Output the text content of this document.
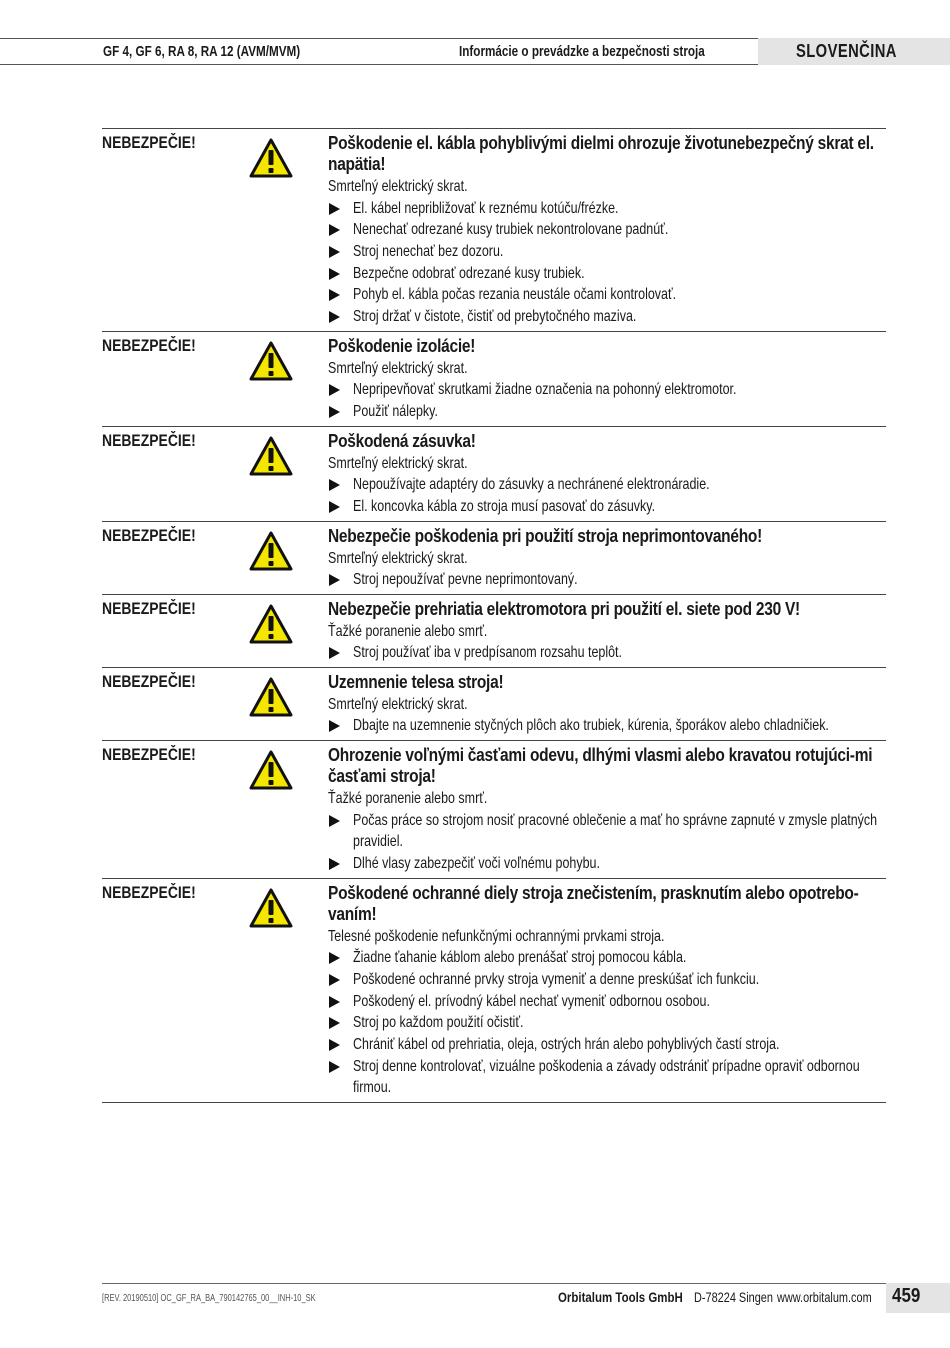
GF 4, GF 6, RA 8, RA 12 (AVM/MVM)	Informácie o prevádzke a bezpečnosti stroja	SLOVENČINA
NEBEZPEČIE!	Poškodenie el. kábla pohyblivými dielmi ohrozuje životunebezpečný skrat el. napätia!
Smrteľný elektrický skrat.
El. kábel nepribližovať k reznému kotúču/frézke.
Nenechať odrezané kusy trubiek nekontrolovane padnúť.
Stroj nenechať bez dozoru.
Bezpečne odobrať odrezané kusy trubiek.
Pohyb el. kábla počas rezania neustále očami kontrolovať.
Stroj držať v čistote, čistiť od prebytočného maziva.
NEBEZPEČIE!	Poškodenie izolácie!
Smrteľný elektrický skrat.
Nepripevňovať skrutkami žiadne označenia na pohonný elektromotor.
Použiť nálepky.
NEBEZPEČIE!	Poškodená zásuvka!
Smrteľný elektrický skrat.
Nepoužívajte adaptéry do zásuvky a nechránené elektronáradie.
El. koncovka kábla zo stroja musí pasovať do zásuvky.
NEBEZPEČIE!	Nebezpečie poškodenia pri použití stroja neprimontovaného!
Smrteľný elektrický skrat.
Stroj nepoužívať pevne neprimontovaný.
NEBEZPEČIE!	Nebezpečie prehriatia elektromotora pri použití el. siete pod 230 V!
Ťažké poranenie alebo smrť.
Stroj používať iba v predpísanom rozsahu teplôt.
NEBEZPEČIE!	Uzemnenie telesa stroja!
Smrteľný elektrický skrat.
Dbajte na uzemnenie styčných plôch ako trubiek, kúrenia, šporákov alebo chladničiek.
NEBEZPEČIE!	Ohrozenie voľnými časťami odevu, dlhými vlasmi alebo kravatou rotujúci-mi časťami stroja!
Ťažké poranenie alebo smrť.
Počas práce so strojom nosiť pracovné oblečenie a mať ho správne zapnuté v zmysle platných pravidiel.
Dlhé vlasy zabezpečiť voči voľnému pohybu.
NEBEZPEČIE!	Poškodené ochranné diely stroja znečistením, prasknutím alebo opotrebo-vaním!
Telesné poškodenie nefunkčnými ochrannými prvkami stroja.
Žiadne ťahanie káblom alebo prenášať stroj pomocou kábla.
Poškodené ochranné prvky stroja vymeniť a denne preskúšať ich funkciu.
Poškodený el. prívodný kábel nechať vymeniť odbornou osobou.
Stroj po každom použití očistiť.
Chrániť kábel od prehriatia, oleja, ostrých hrán alebo pohyblivých častí stroja.
Stroj denne kontrolovať, vizuálne poškodenia a závady odstrániť prípadne opraviť odbornou firmou.
[REV. 20190510] OC_GF_RA_BA_790142765_00__INH-10_SK	Orbitalum Tools GmbH D-78224 Singen www.orbitalum.com 459
